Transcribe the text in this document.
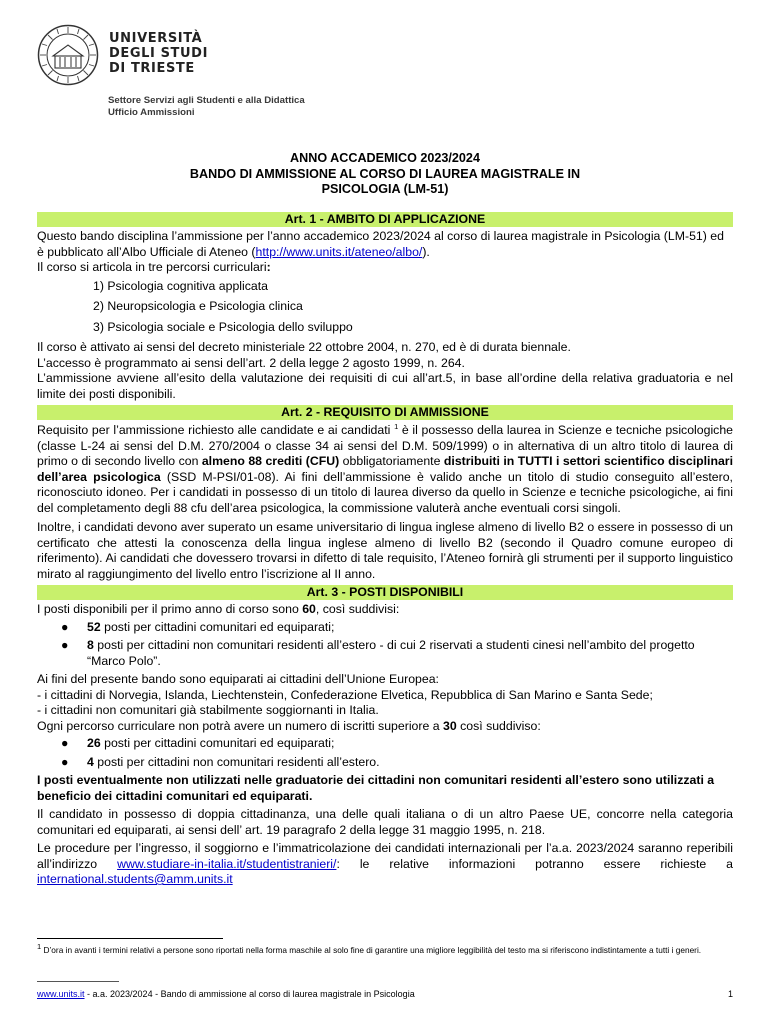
UNIVERSITÀ
DEGLI STUDI
DI TRIESTE
Settore Servizi agli Studenti e alla Didattica
Ufficio Ammissioni
ANNO ACCADEMICO 2023/2024
BANDO DI AMMISSIONE AL CORSO DI LAUREA MAGISTRALE IN
PSICOLOGIA (LM-51)
Art. 1 - AMBITO DI APPLICAZIONE

Questo bando disciplina l’ammissione per l’anno accademico 2023/2024 al corso di laurea magistrale in Psicologia (LM-51) ed è pubblicato all’Albo Ufficiale di Ateneo (http://www.units.it/ateneo/albo/).

Il corso si articola in tre percorsi curriculari:

1) Psicologia cognitiva applicata
2) Neuropsicologia e Psicologia clinica
3) Psicologia sociale e Psicologia dello sviluppo

Il corso è attivato ai sensi del decreto ministeriale 22 ottobre 2004, n. 270, ed è di durata biennale.

L’accesso è programmato ai sensi dell’art. 2 della legge 2 agosto 1999, n. 264.

L’ammissione avviene all’esito della valutazione dei requisiti di cui all’art.5, in base all’ordine della relativa graduatoria e nel limite dei posti disponibili.

Art. 2 - REQUISITO DI AMMISSIONE

Requisito per l’ammissione richiesto alle candidate e ai candidati $^1$ è il possesso della laurea in Scienze e tecniche psicologiche (classe L-24 ai sensi del D.M. 270/2004 o classe 34 ai sensi del D.M. 509/1999) o in alternativa di un altro titolo di laurea di primo o di secondo livello con almeno 88 crediti (CFU) obbligatoriamente distribuiti in TUTTI i settori scientifico disciplinari dell’area psicologica (SSD M-PSI/01-08). Ai fini dell’ammissione è valido anche un titolo di studio conseguito all’estero, riconosciuto idoneo. Per i candidati in possesso di un titolo di laurea diverso da quello in Scienze e tecniche psicologiche, ai fini del completamento degli 88 cfu dell’area psicologica, la commissione valuterà anche eventuali corsi singoli.

Inoltre, i candidati devono aver superato un esame universitario di lingua inglese almeno di livello B2 o essere in possesso di un certificato che attesti la conoscenza della lingua inglese almeno di livello B2 (secondo il Quadro comune europeo di riferimento). Ai candidati che dovessero trovarsi in difetto di tale requisito, l’Ateneo fornirà gli strumenti per il supporto linguistico mirato al raggiungimento del livello entro l’iscrizione al II anno.

Art. 3 - POSTI DISPONIBILI

I posti disponibili per il primo anno di corso sono 60, così suddivisi:

● 52 posti per cittadini comunitari ed equiparati;
● 8 posti per cittadini non comunitari residenti all’estero - di cui 2 riservati a studenti cinesi nell’ambito del progetto “Marco Polo”.

Ai fini del presente bando sono equiparati ai cittadini dell’Unione Europea:

- i cittadini di Norvegia, Islanda, Liechtenstein, Confederazione Elvetica, Repubblica di San Marino e Santa Sede;

- i cittadini non comunitari già stabilmente soggiornanti in Italia.

Ogni percorso curriculare non potrà avere un numero di iscritti superiore a 30 così suddiviso:

● 26 posti per cittadini comunitari ed equiparati;
● 4 posti per cittadini non comunitari residenti all’estero.

I posti eventualmente non utilizzati nelle graduatorie dei cittadini non comunitari residenti all’estero sono utilizzati a beneficio dei cittadini comunitari ed equiparati.

Il candidato in possesso di doppia cittadinanza, una delle quali italiana o di un altro Paese UE, concorre nella categoria comunitari ed equiparati, ai sensi dell’ art. 19 paragrafo 2 della legge 31 maggio 1995, n. 218.

Le procedure per l’ingresso, il soggiorno e l’immatricolazione dei candidati internazionali per l’a.a. 2023/2024 saranno reperibili all’indirizzo www.studiare-in-italia.it/studentistranieri/: le relative informazioni potranno essere richieste a international.students@amm.units.it

$^1$ D’ora in avanti i termini relativi a persone sono riportati nella forma maschile al solo fine di garantire una migliore leggibilità del testo ma si riferiscono indistintamente a tutti i generi.
www.units.it - a.a. 2023/2024 - Bando di ammissione al corso di laurea magistrale in Psicologia	1
